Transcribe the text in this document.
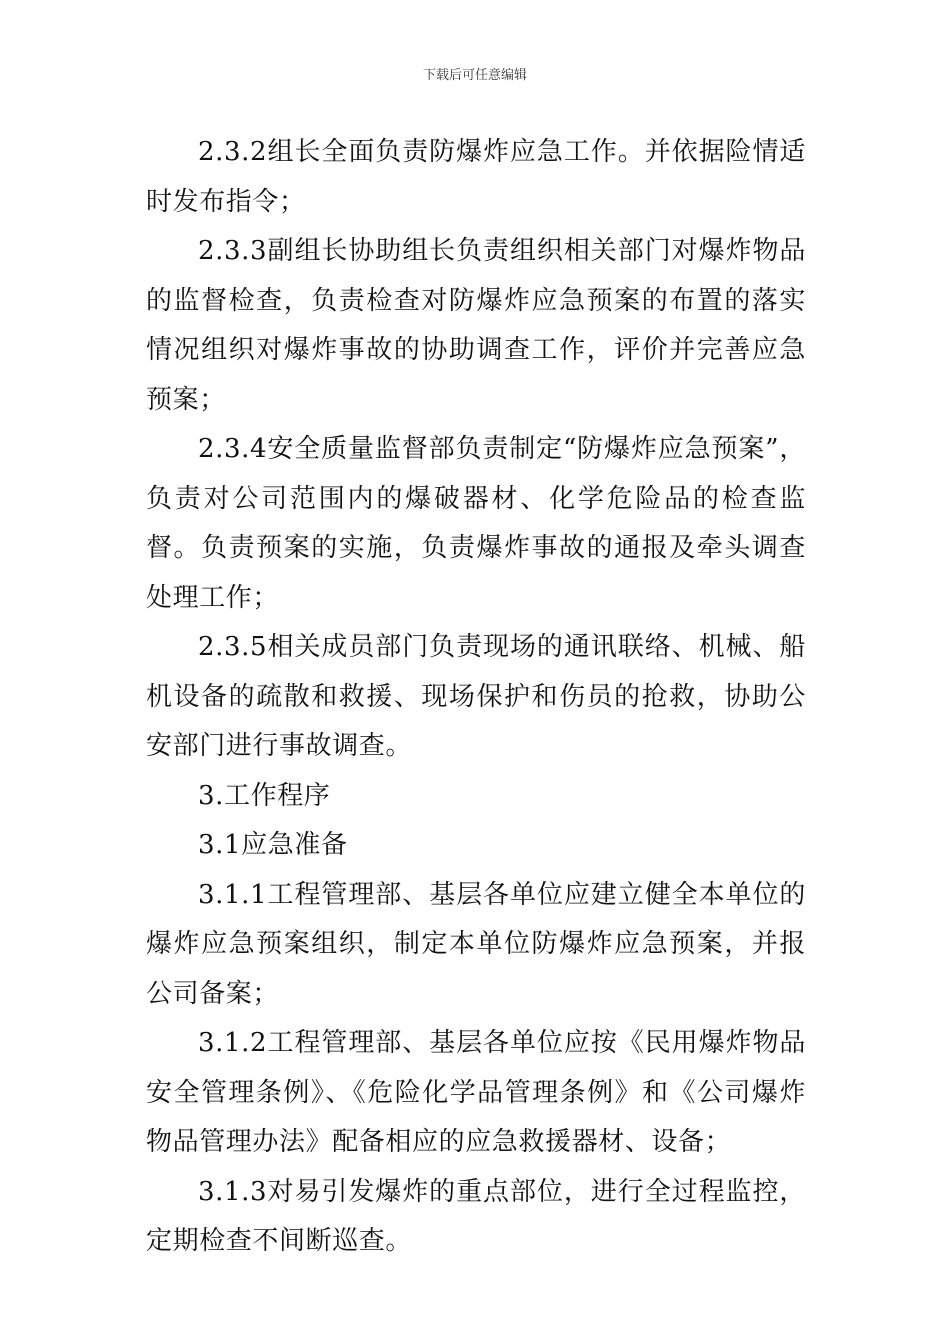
下载后可任意编辑

2.3.2组长全面负责防爆炸应急工作。并依据险情适时发布指令；

2.3.3副组长协助组长负责组织相关部门对爆炸物品的监督检查，负责检查对防爆炸应急预案的布置的落实情况组织对爆炸事故的协助调查工作，评价并完善应急预案；

2.3.4安全质量监督部负责制定“防爆炸应急预案”，负责对公司范围内的爆破器材、化学危险品的检查监督。负责预案的实施，负责爆炸事故的通报及牵头调查处理工作；

2.3.5相关成员部门负责现场的通讯联络、机械、船机设备的疏散和救援、现场保护和伤员的抢救，协助公安部门进行事故调查。

3.工作程序

3.1应急准备

3.1.1工程管理部、基层各单位应建立健全本单位的爆炸应急预案组织，制定本单位防爆炸应急预案，并报公司备案；

3.1.2工程管理部、基层各单位应按《民用爆炸物品安全管理条例》、《危险化学品管理条例》和《公司爆炸物品管理办法》配备相应的应急救援器材、设备；

3.1.3对易引发爆炸的重点部位，进行全过程监控，定期检查不间断巡查。
